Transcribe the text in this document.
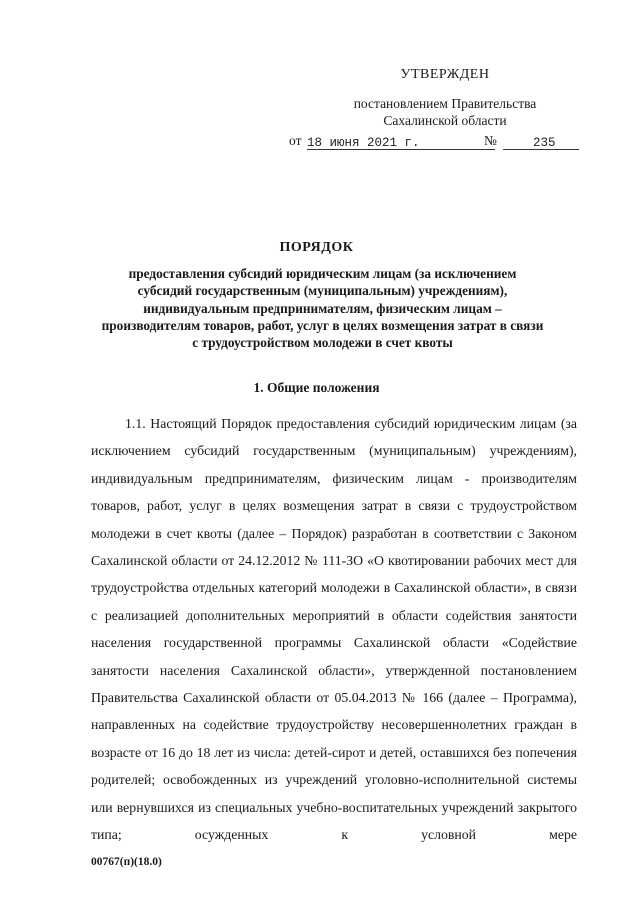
УТВЕРЖДЕН
постановлением Правительства
Сахалинской области
от 18 июня 2021 г.	№	235
ПОРЯДОК
предоставления субсидий юридическим лицам (за исключением субсидий государственным (муниципальным) учреждениям), индивидуальным предпринимателям, физическим лицам – производителям товаров, работ, услуг в целях возмещения затрат в связи с трудоустройством молодежи в счет квоты
1. Общие положения

1.1. Настоящий Порядок предоставления субсидий юридическим лицам (за исключением субсидий государственным (муниципальным) учреждениям), индивидуальным предпринимателям, физическим лицам - производителям товаров, работ, услуг в целях возмещения затрат в связи с трудоустройством молодежи в счет квоты (далее – Порядок) разработан в соответствии с Законом Сахалинской области от 24.12.2012 № 111-ЗО «О квотировании рабочих мест для трудоустройства отдельных категорий молодежи в Сахалинской области», в связи с реализацией дополнительных мероприятий в области содействия занятости населения государственной программы Сахалинской области «Содействие занятости населения Сахалинской области», утвержденной постановлением Правительства Сахалинской области от 05.04.2013 № 166 (далее – Программа), направленных на содействие трудоустройству несовершеннолетних граждан в возрасте от 16 до 18 лет из числа: детей-сирот и детей, оставшихся без попечения родителей; освобожденных из учреждений уголовно-исполнительной системы или вернувшихся из специальных учебно-воспитательных учреждений закрытого типа; осужденных к условной мере

00767(п)(18.0)
